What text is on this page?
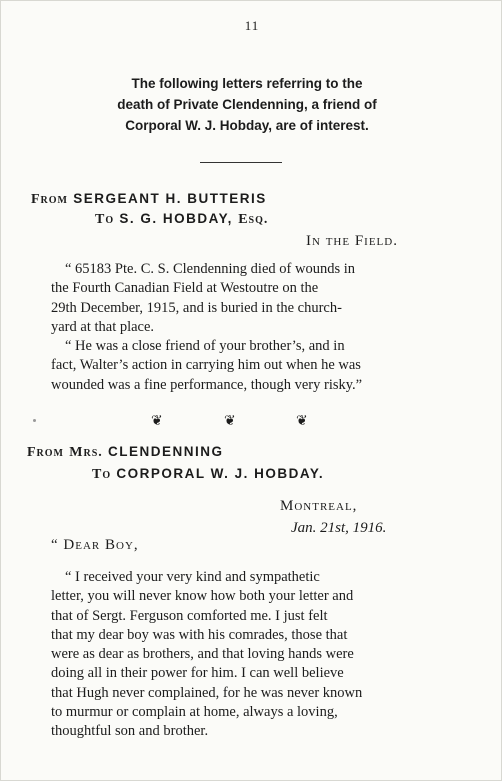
11
The following letters referring to the
death of Private Clendenning, a friend of
Corporal W. J. Hobday, are of interest.
From SERGEANT H. BUTTERIS
To S. G. HOBDAY, Esq.
In the Field.
“ 65183 Pte. C. S. Clendenning died of wounds in
the Fourth Canadian Field at Westoutre on the
29th December, 1915, and is buried in the church-
yard at that place.
“ He was a close friend of your brother’s, and in
fact, Walter’s action in carrying him out when he was
wounded was a fine performance, though very risky.”
❦	❦	❦
From Mrs. CLENDENNING
To CORPORAL W. J. HOBDAY.
Montreal,
Jan. 21st, 1916.
“ Dear Boy,
“ I received your very kind and sympathetic
letter, you will never know how both your letter and
that of Sergt. Ferguson comforted me. I just felt
that my dear boy was with his comrades, those that
were as dear as brothers, and that loving hands were
doing all in their power for him. I can well believe
that Hugh never complained, for he was never known
to murmur or complain at home, always a loving,
thoughtful son and brother.
